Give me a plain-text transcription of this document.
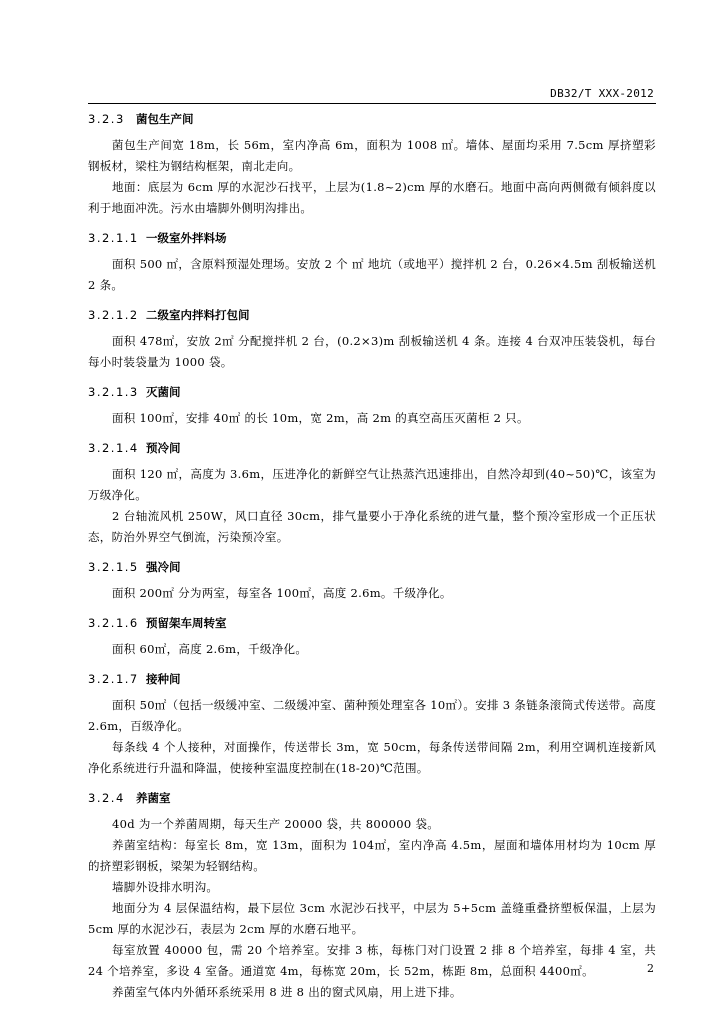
DB32/T XXX-2012
3.2.3 菌包生产间

菌包生产间宽 18m，长 56m，室内净高 6m，面积为 1008 ㎡。墙体、屋面均采用 7.5cm 厚挤塑彩钢板材，梁柱为钢结构框架，南北走向。

地面：底层为 6cm 厚的水泥沙石找平，上层为(1.8~2)cm 厚的水磨石。地面中高向两侧微有倾斜度以利于地面冲洗。污水由墙脚外侧明沟排出。

3.2.1.1 一级室外拌料场

面积 500 ㎡，含原料预湿处理场。安放 2 个 ㎡ 地坑（或地平）搅拌机 2 台，0.26×4.5m 刮板输送机 2 条。

3.2.1.2 二级室内拌料打包间

面积 478㎡，安放 2㎡ 分配搅拌机 2 台，(0.2×3)m 刮板输送机 4 条。连接 4 台双冲压装袋机，每台每小时装袋量为 1000 袋。

3.2.1.3 灭菌间

面积 100㎡，安排 40㎡ 的长 10m，宽 2m，高 2m 的真空高压灭菌柜 2 只。

3.2.1.4 预冷间

面积 120 ㎡，高度为 3.6m，压进净化的新鲜空气让热蒸汽迅速排出，自然冷却到(40~50)℃，该室为万级净化。

2 台轴流风机 250W，风口直径 30cm，排气量要小于净化系统的进气量，整个预冷室形成一个正压状态，防治外界空气倒流，污染预冷室。

3.2.1.5 强冷间

面积 200㎡ 分为两室，每室各 100㎡，高度 2.6m。千级净化。

3.2.1.6 预留架车周转室

面积 60㎡，高度 2.6m，千级净化。

3.2.1.7 接种间

面积 50㎡（包括一级缓冲室、二级缓冲室、菌种预处理室各 10㎡）。安排 3 条链条滚筒式传送带。高度 2.6m，百级净化。

每条线 4 个人接种，对面操作，传送带长 3m，宽 50cm，每条传送带间隔 2m，利用空调机连接新风净化系统进行升温和降温，使接种室温度控制在(18-20)℃范围。

3.2.4 养菌室

40d 为一个养菌周期，每天生产 20000 袋，共 800000 袋。

养菌室结构：每室长 8m，宽 13m，面积为 104㎡，室内净高 4.5m，屋面和墙体用材均为 10cm 厚的挤塑彩钢板，梁架为轻钢结构。

墙脚外设排水明沟。

地面分为 4 层保温结构，最下层位 3cm 水泥沙石找平，中层为 5+5cm 盖缝重叠挤塑板保温，上层为 5cm 厚的水泥沙石，表层为 2cm 厚的水磨石地平。

每室放置 40000 包，需 20 个培养室。安排 3 栋，每栋门对门设置 2 排 8 个培养室，每排 4 室，共 24 个培养室，多设 4 室备。通道宽 4m，每栋宽 20m，长 52m，栋距 8m，总面积 4400㎡。

养菌室气体内外循环系统采用 8 进 8 出的窗式风扇，用上进下排。

2
